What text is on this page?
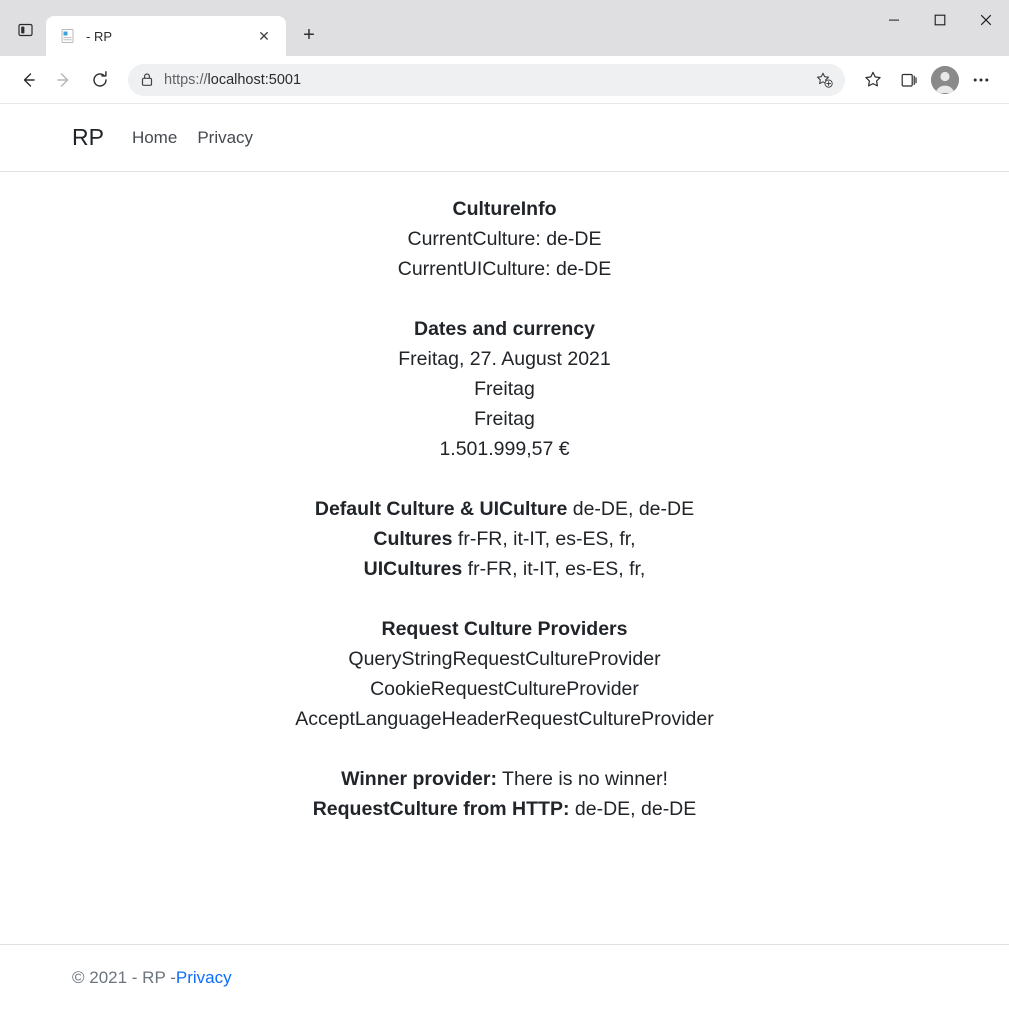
- RP	✕	+
https://localhost:5001
RP Home Privacy
CultureInfo
CurrentCulture: de-DE
CurrentUICulture: de-DE
Dates and currency
Freitag, 27. August 2021
Freitag
Freitag
1.501.999,57 €
Default Culture & UICulture de-DE, de-DE
Cultures fr-FR, it-IT, es-ES, fr,
UICultures fr-FR, it-IT, es-ES, fr,
Request Culture Providers
QueryStringRequestCultureProvider
CookieRequestCultureProvider
AcceptLanguageHeaderRequestCultureProvider
Winner provider: There is no winner!
RequestCulture from HTTP: de-DE, de-DE
© 2021 - RP - Privacy
